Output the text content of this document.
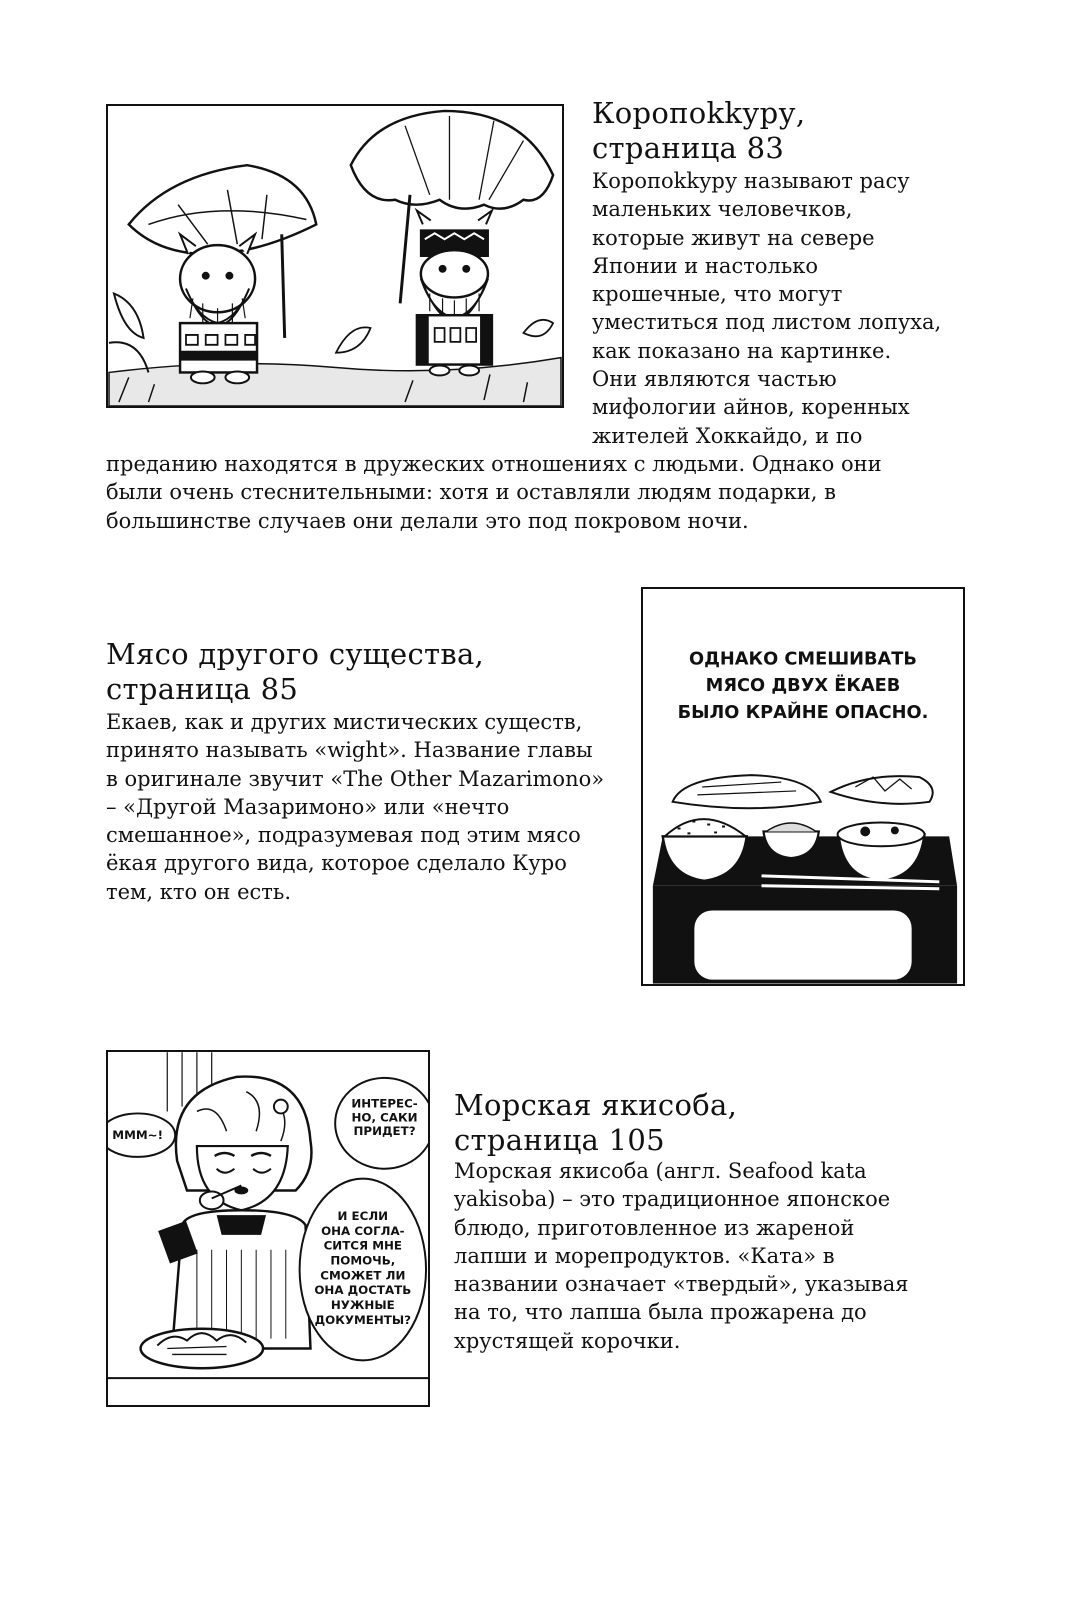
Коропоkkуру,
страница 83
Коропоkkуру называют расу
маленьких человечков,
которые живут на севере
Японии и настолько
крошечные, что могут
уместиться под листом лопуха,
как показано на картинке.
Они являются частью
мифологии айнов, коренных
жителей Хоккайдо, и по
преданию находятся в дружеских отношениях с людьми. Однако они
были очень стеснительными: хотя и оставляли людям подарки, в
большинстве случаев они делали это под покровом ночи.
Мясо другого существа,
страница 85
Екаев, как и других мистических существ,
принято называть «wight». Название главы
в оригинале звучит «The Other Mazarimono»
– «Другой Мазаримоно» или «нечто
смешанное», подразумевая под этим мясо
ёкая другого вида, которое сделало Куро
тем, кто он есть.
ОДНАКО СМЕШИВАТЬ
МЯСО ДВУХ ЁКАЕВ
БЫЛО КРАЙНЕ ОПАСНО.
МММ~!
ИНТЕРЕС-
НО, САКИ
ПРИДЕТ?
И ЕСЛИ
ОНА СОГЛА-
СИТСЯ МНЕ
ПОМОЧЬ,
СМОЖЕТ ЛИ
ОНА ДОСТАТЬ
НУЖНЫЕ
ДОКУМЕНТЫ?
Морская якисоба,
страница 105
Морская якисоба (англ. Seafood kata
yakisoba) – это традиционное японское
блюдо, приготовленное из жареной
лапши и морепродуктов. «Ката» в
названии означает «твердый», указывая
на то, что лапша была прожарена до
хрустящей корочки.
